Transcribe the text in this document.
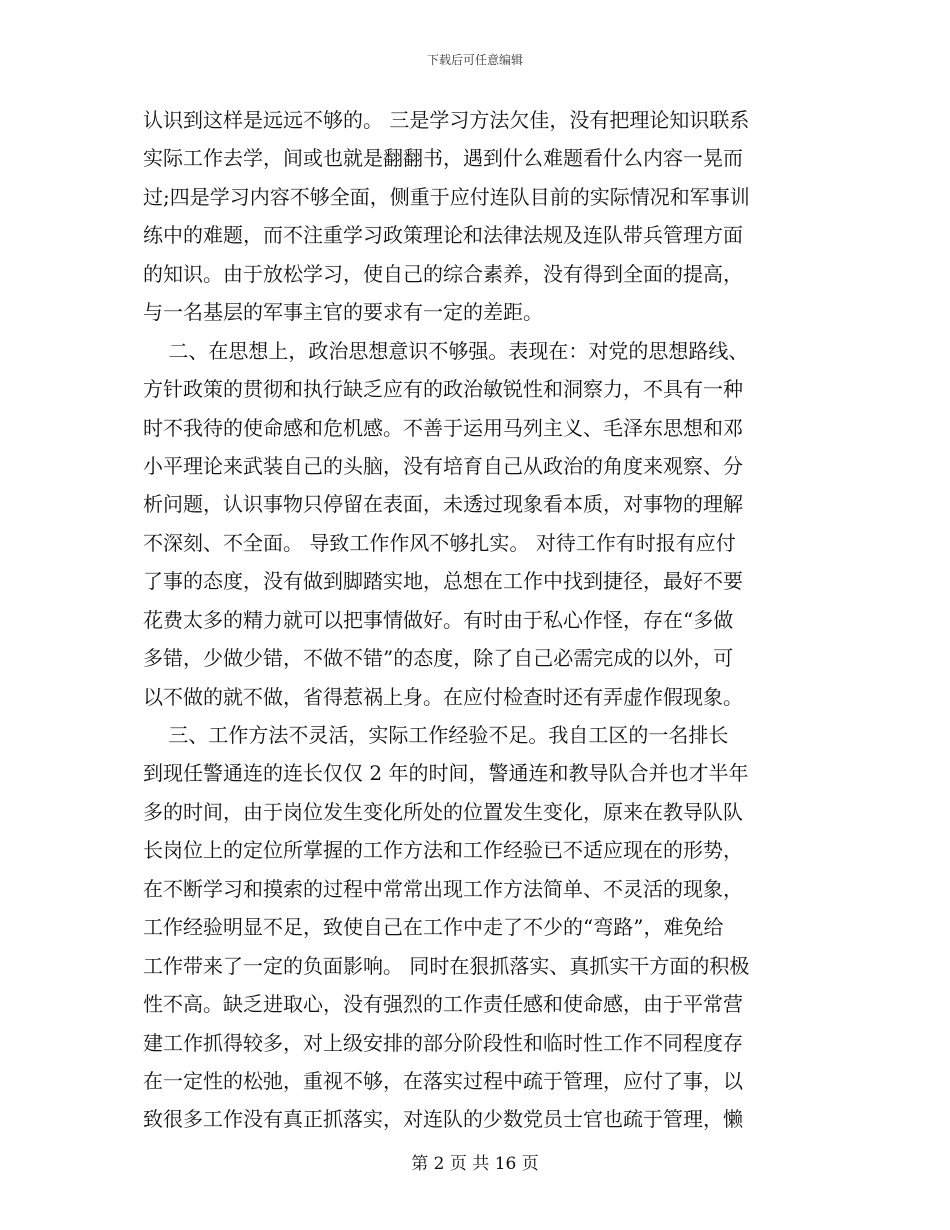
下载后可任意编辑
认识到这样是远远不够的。 三是学习方法欠佳，没有把理论知识联系
实际工作去学，间或也就是翻翻书，遇到什么难题看什么内容一晃而
过;四是学习内容不够全面，侧重于应付连队目前的实际情况和军事训
练中的难题，而不注重学习政策理论和法律法规及连队带兵管理方面
的知识。由于放松学习，使自己的综合素养，没有得到全面的提高，
与一名基层的军事主官的要求有一定的差距。
二、在思想上，政治思想意识不够强。表现在：对党的思想路线、
方针政策的贯彻和执行缺乏应有的政治敏锐性和洞察力，不具有一种
时不我待的使命感和危机感。不善于运用马列主义、毛泽东思想和邓
小平理论来武装自己的头脑，没有培育自己从政治的角度来观察、分
析问题，认识事物只停留在表面，未透过现象看本质，对事物的理解
不深刻、不全面。 导致工作作风不够扎实。 对待工作有时报有应付
了事的态度，没有做到脚踏实地，总想在工作中找到捷径，最好不要
花费太多的精力就可以把事情做好。有时由于私心作怪，存在“多做
多错，少做少错，不做不错”的态度，除了自己必需完成的以外，可
以不做的就不做，省得惹祸上身。在应付检查时还有弄虚作假现象。
三、工作方法不灵活，实际工作经验不足。我自工区的一名排长
到现任警通连的连长仅仅 2 年的时间，警通连和教导队合并也才半年
多的时间，由于岗位发生变化所处的位置发生变化，原来在教导队队
长岗位上的定位所掌握的工作方法和工作经验已不适应现在的形势，
在不断学习和摸索的过程中常常出现工作方法简单、不灵活的现象，
工作经验明显不足，致使自己在工作中走了不少的“弯路”，难免给
工作带来了一定的负面影响。 同时在狠抓落实、真抓实干方面的积极
性不高。缺乏进取心，没有强烈的工作责任感和使命感，由于平常营
建工作抓得较多，对上级安排的部分阶段性和临时性工作不同程度存
在一定性的松弛，重视不够，在落实过程中疏于管理，应付了事，以
致很多工作没有真正抓落实，对连队的少数党员士官也疏于管理，懒
第 2 页 共 16 页
